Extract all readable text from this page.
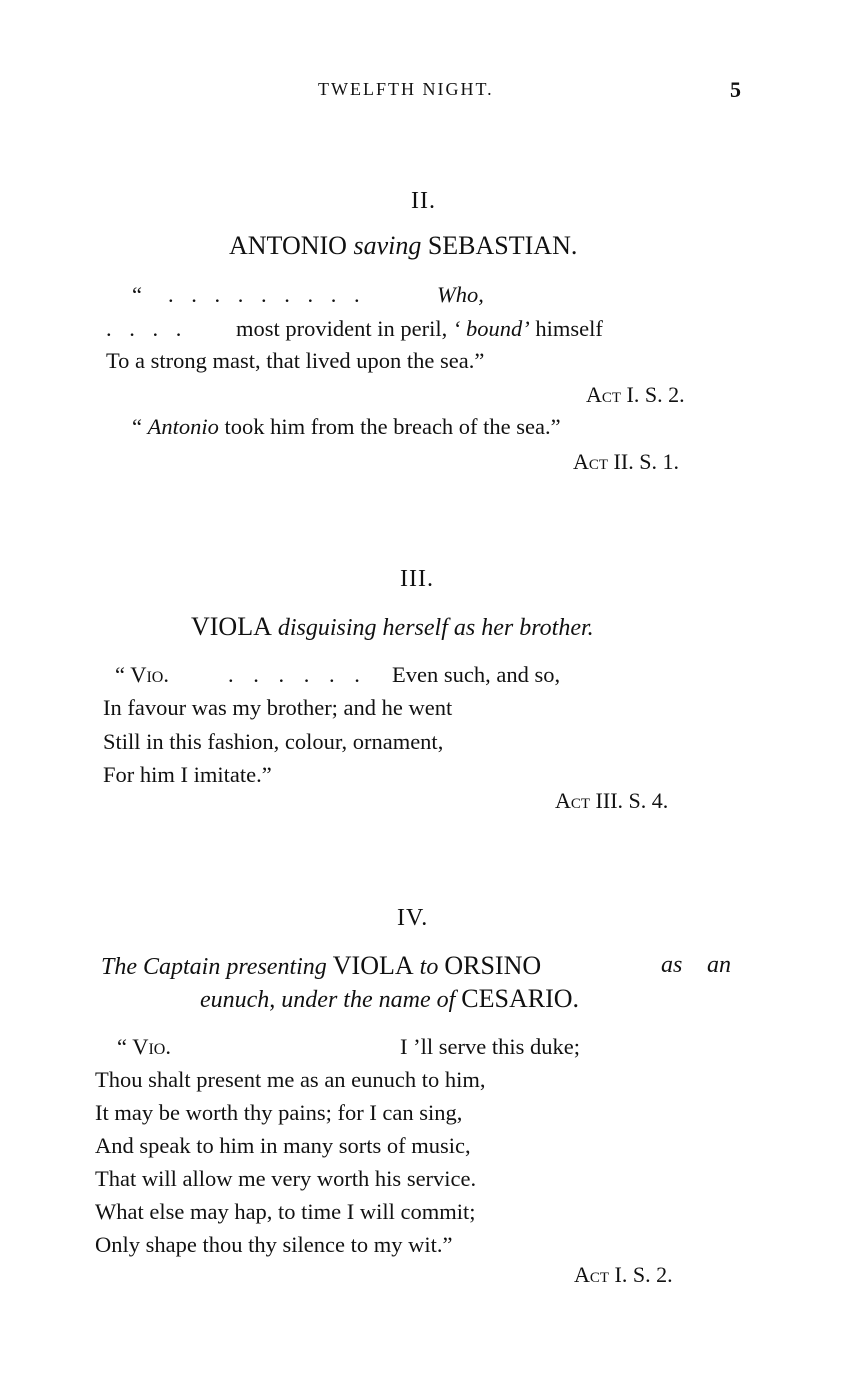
TWELFTH NIGHT.	5
II.
ANTONIO saving SEBASTIAN.
“ . . . . . . . . .	Who,
. . . . most provident in peril, ‘ bound’ himself
To a strong mast, that lived upon the sea.”
Act I. S. 2.
“ Antonio took him from the breach of the sea.”
Act II. S. 1.
III.
VIOLA disguising herself as her brother.
“ Vio.	. . . . . . Even such, and so,
In favour was my brother; and he went
Still in this fashion, colour, ornament,
For him I imitate.”
Act III. S. 4.
IV.
The Captain presenting VIOLA to ORSINO	as an
eunuch, under the name of CESARIO.
“ Vio.	I ’ll serve this duke;
Thou shalt present me as an eunuch to him,
It may be worth thy pains; for I can sing,
And speak to him in many sorts of music,
That will allow me very worth his service.
What else may hap, to time I will commit;
Only shape thou thy silence to my wit.”
Act I. S. 2.
